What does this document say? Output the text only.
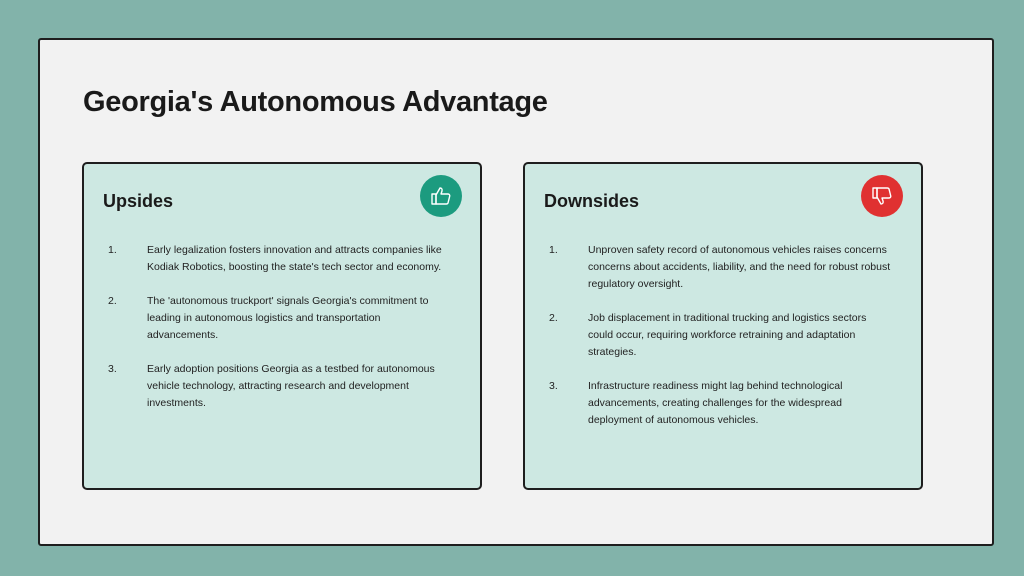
Georgia's Autonomous Advantage
Upsides
1.	Early legalization fosters innovation and attracts companies like Kodiak Robotics, boosting the state's tech sector and economy.
2.	The 'autonomous truckport' signals Georgia's commitment to leading in autonomous logistics and transportation advancements.
3.	Early adoption positions Georgia as a testbed for autonomous vehicle technology, attracting research and development investments.
Downsides
1.	Unproven safety record of autonomous vehicles raises concerns concerns about accidents, liability, and the need for robust robust regulatory oversight.
2.	Job displacement in traditional trucking and logistics sectors could occur, requiring workforce retraining and adaptation strategies.
3.	Infrastructure readiness might lag behind technological advancements, creating challenges for the widespread deployment of autonomous vehicles.
